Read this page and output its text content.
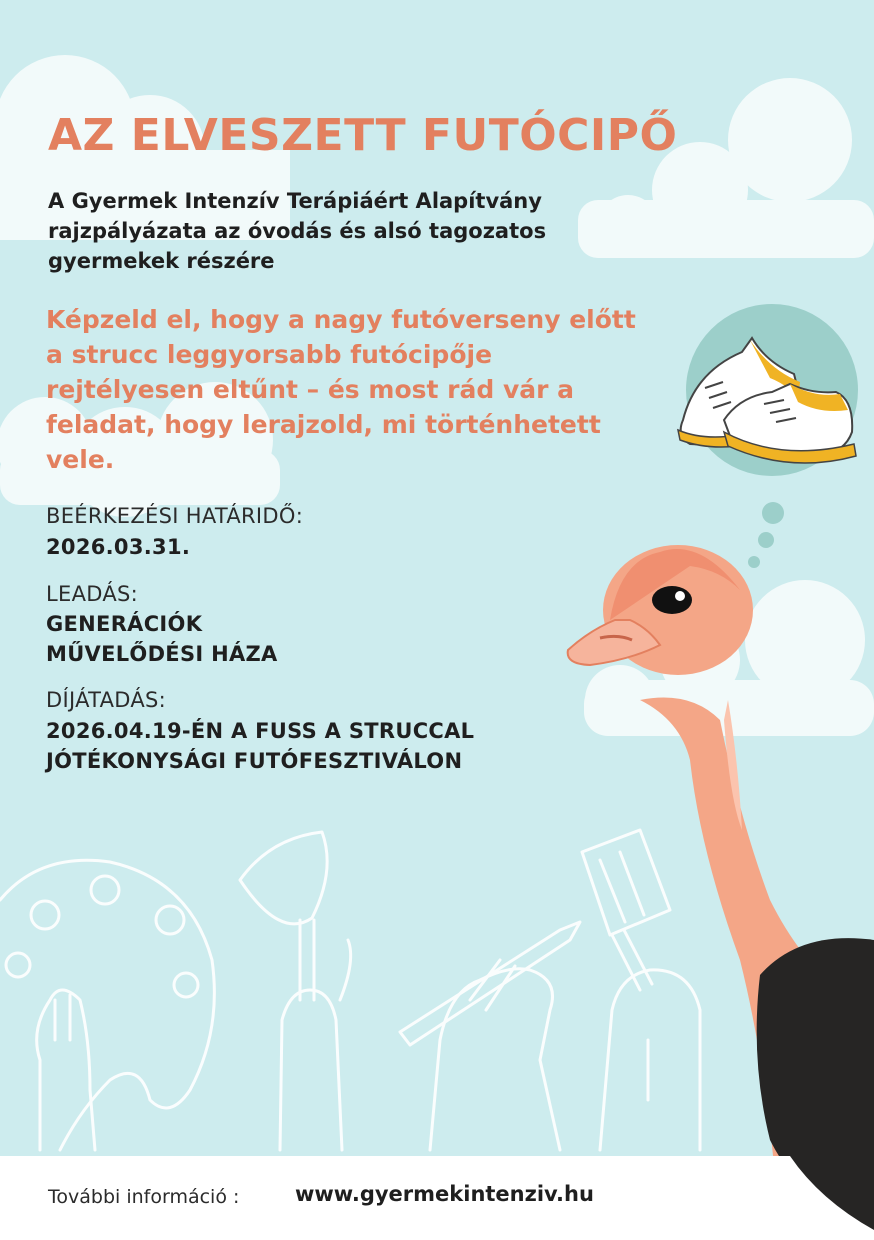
AZ ELVESZETT FUTÓCIPŐ

A Gyermek Intenzív Terápiáért Alapítvány rajzpályázata az óvodás és alsó tagozatos gyermekek részére

Képzeld el, hogy a nagy futóverseny előtt a strucc leggyorsabb futócipője rejtélyesen eltűnt – és most rád vár a feladat, hogy lerajzold, mi történhetett vele.

BEÉRKEZÉSI HATÁRIDŐ:

2026.03.31.

LEADÁS:

GENERÁCIÓK
MŰVELŐDÉSI HÁZA

DÍJÁTADÁS:

2026.04.19-ÉN A FUSS A STRUCCAL
JÓTÉKONYSÁGI FUTÓFESZTIVÁLON

További információ :	www.gyermekintenziv.hu
